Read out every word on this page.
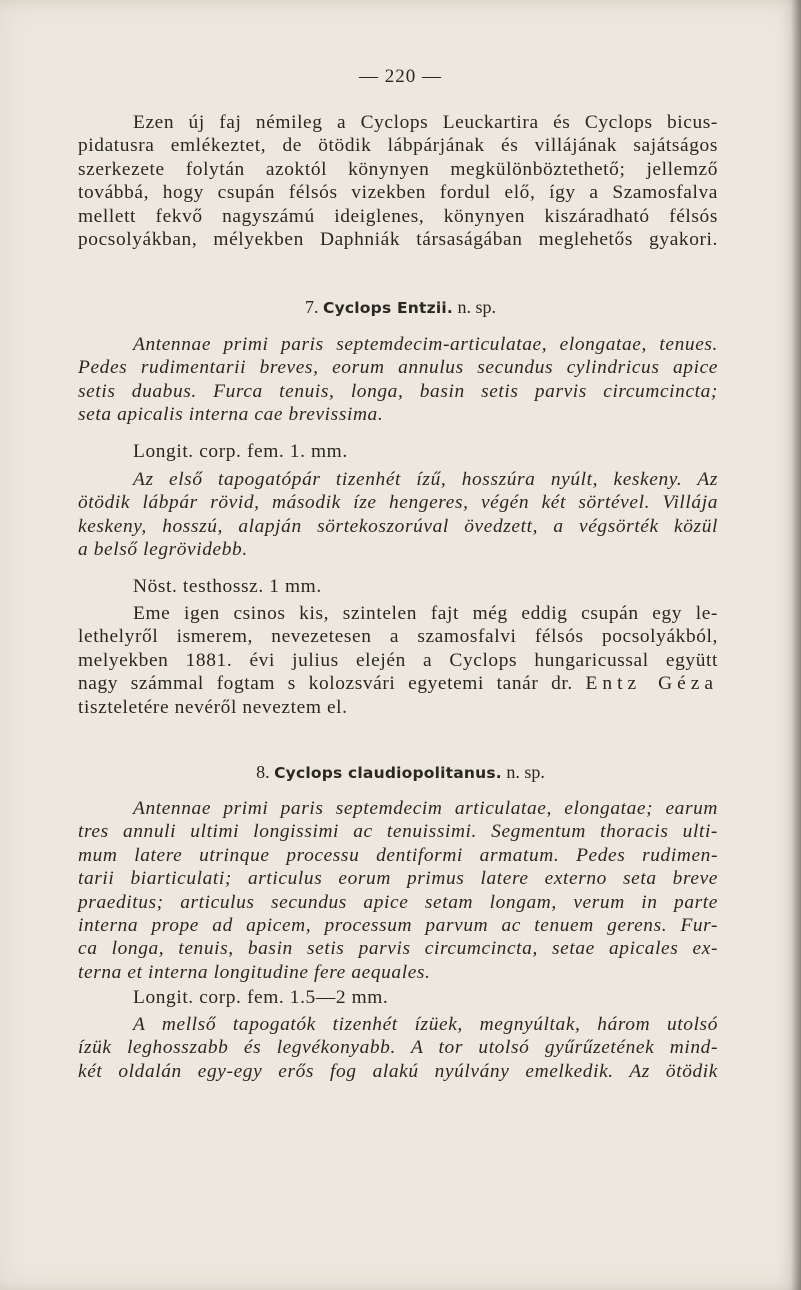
— 220 —
Ezen új faj némileg a Cyclops Leuckartira és Cyclops bicus-
pidatusra emlékeztet, de ötödik lábpárjának és villájának sajátságos
szerkezete folytán azoktól könynyen megkülönböztethető; jellemző
továbbá, hogy csupán félsós vizekben fordul elő, így a Szamosfalva
mellett fekvő nagyszámú ideiglenes, könynyen kiszáradható félsós
pocsolyákban, mélyekben Daphniák társaságában meglehetős gyakori.
7. Cyclops Entzii. n. sp.
Antennae primi paris septemdecim-articulatae, elongatae, tenues.
Pedes rudimentarii breves, eorum annulus secundus cylindricus apice
setis duabus. Furca tenuis, longa, basin setis parvis circumcincta;
seta apicalis interna cae brevissima.
Longit. corp. fem. 1. mm.
Az első tapogatópár tizenhét ízű, hosszúra nyúlt, keskeny. Az
ötödik lábpár rövid, második íze hengeres, végén két sörtével. Villája
keskeny, hosszú, alapján sörtekoszorúval övedzett, a végsörték közül
a belső legrövidebb.
Nöst. testhossz. 1 mm.
Eme igen csinos kis, szintelen fajt még eddig csupán egy le-
lethelyről ismerem, nevezetesen a szamosfalvi félsós pocsolyákból,
melyekben 1881. évi julius elején a Cyclops hungaricussal együtt
nagy számmal fogtam s kolozsvári egyetemi tanár dr. Entz Géza
tiszteletére nevéről neveztem el.
8. Cyclops claudiopolitanus. n. sp.
Antennae primi paris septemdecim articulatae, elongatae; earum
tres annuli ultimi longissimi ac tenuissimi. Segmentum thoracis ulti-
mum latere utrinque processu dentiformi armatum. Pedes rudimen-
tarii biarticulati; articulus eorum primus latere externo seta breve
praeditus; articulus secundus apice setam longam, verum in parte
interna prope ad apicem, processum parvum ac tenuem gerens. Fur-
ca longa, tenuis, basin setis parvis circumcincta, setae apicales ex-
terna et interna longitudine fere aequales.
Longit. corp. fem. 1.5—2 mm.
A mellső tapogatók tizenhét ízüek, megnyúltak, három utolsó
ízük leghosszabb és legvékonyabb. A tor utolsó gyűrűzetének mind-
két oldalán egy-egy erős fog alakú nyúlvány emelkedik. Az ötödik
